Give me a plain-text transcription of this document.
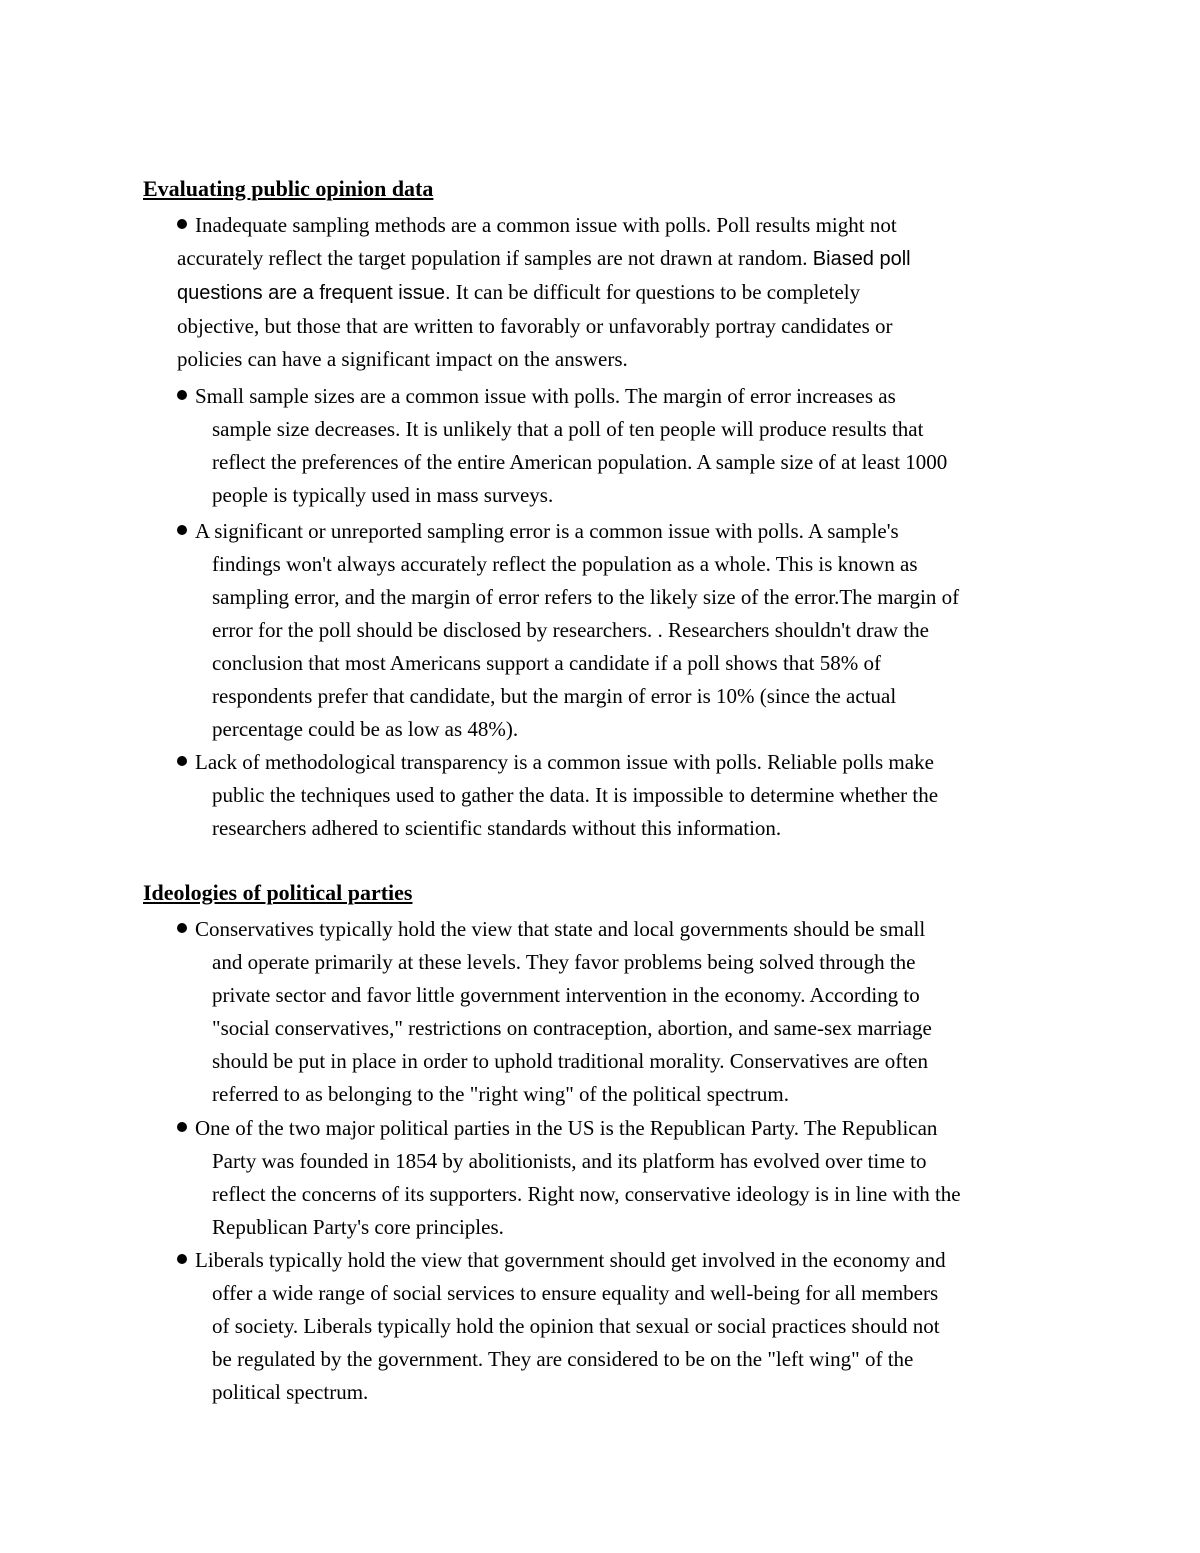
Evaluating public opinion data
Inadequate sampling methods are a common issue with polls. Poll results might not
accurately reflect the target population if samples are not drawn at random. Biased poll
questions are a frequent issue. It can be difficult for questions to be completely
objective, but those that are written to favorably or unfavorably portray candidates or
policies can have a significant impact on the answers.
Small sample sizes are a common issue with polls. The margin of error increases as
sample size decreases. It is unlikely that a poll of ten people will produce results that
reflect the preferences of the entire American population. A sample size of at least 1000
people is typically used in mass surveys.
A significant or unreported sampling error is a common issue with polls. A sample's
findings won't always accurately reflect the population as a whole. This is known as
sampling error, and the margin of error refers to the likely size of the error.The margin of
error for the poll should be disclosed by researchers. . Researchers shouldn't draw the
conclusion that most Americans support a candidate if a poll shows that 58% of
respondents prefer that candidate, but the margin of error is 10% (since the actual
percentage could be as low as 48%).
Lack of methodological transparency is a common issue with polls. Reliable polls make
public the techniques used to gather the data. It is impossible to determine whether the
researchers adhered to scientific standards without this information.
Ideologies of political parties
Conservatives typically hold the view that state and local governments should be small
and operate primarily at these levels. They favor problems being solved through the
private sector and favor little government intervention in the economy. According to
"social conservatives," restrictions on contraception, abortion, and same-sex marriage
should be put in place in order to uphold traditional morality. Conservatives are often
referred to as belonging to the "right wing" of the political spectrum.
One of the two major political parties in the US is the Republican Party. The Republican
Party was founded in 1854 by abolitionists, and its platform has evolved over time to
reflect the concerns of its supporters. Right now, conservative ideology is in line with the
Republican Party's core principles.
Liberals typically hold the view that government should get involved in the economy and
offer a wide range of social services to ensure equality and well-being for all members
of society. Liberals typically hold the opinion that sexual or social practices should not
be regulated by the government. They are considered to be on the "left wing" of the
political spectrum.
